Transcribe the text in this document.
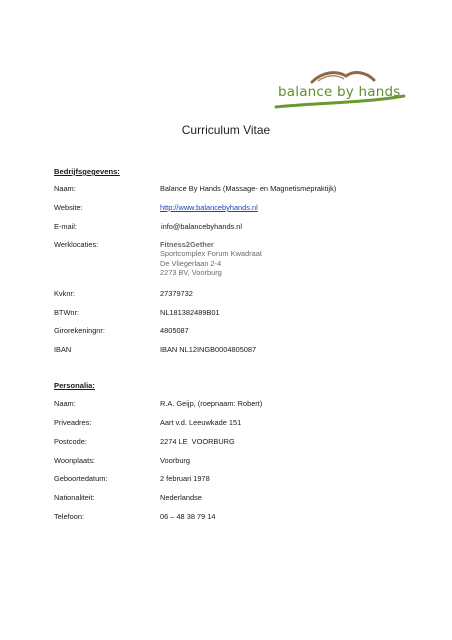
balance by hands
Curriculum Vitae
Bedrijfsgegevens:
Naam:	Balance By Hands (Massage- en Magnetismepraktijk)
Website:	http://www.balancebyhands.nl
E-mail:	info@balancebyhands.nl
Werklocaties:	Fitness2Gether
Sportcomplex Forum Kwadraat
De Vliegerlaan 2-4
2273 BV, Voorburg
Kvknr:	27379732
BTWnr:	NL181382489B01
Girorekeningnr:	4805087
IBAN	IBAN NL12INGB0004805087
Personalia:
Naam:	R.A. Geijp, (roepnaam: Robert)
Priveadres:	Aart v.d. Leeuwkade 151
Postcode:	2274 LE  VOORBURG
Woonplaats:	Voorburg
Geboortedatum:	2 februari 1978
Nationaliteit:	Nederlandse
Telefoon:	06 – 48 38 79 14
